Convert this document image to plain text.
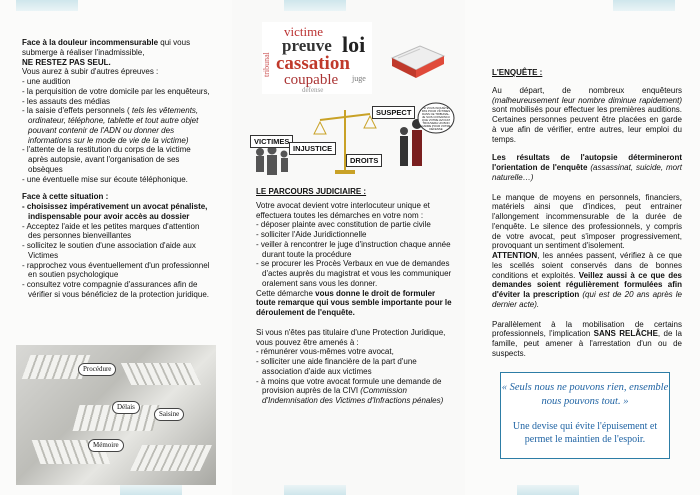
Face à la douleur incommensurable qui vous submerge à réaliser l'inadmissible,

NE RESTEZ PAS SEUL.

Vous aurez à subir d'autres épreuves :

- une audition
- la perquisition de votre domicile par les enquêteurs,
- les assauts des médias
- la saisie d'effets personnels ( tels les vêtements, ordinateur, téléphone, tablette et tout autre objet pouvant contenir de l'ADN ou donner des informations sur le mode de vie de la victime)
- l'attente de la restitution du corps de la victime après autopsie, avant l'organisation de ses obsèques
- une éventuelle mise sur écoute téléphonique.

Face à cette situation :

- choisissez impérativement un avocat pénaliste, indispensable pour avoir accès au dossier
- Acceptez l'aide et les petites marques d'attention des personnes bienveillantes
- sollicitez le soutien d'une association d'aide aux Victimes
- rapprochez vous éventuellement d'un professionnel en soutien psychologique
- consultez votre compagnie d'assurances afin de vérifier si vous bénéficiez de la protection juridique.
Procédure
Délais
Saisine
Mémoire
victime
preuve loi
cassation
coupable
tribunal
juge
défense
VICTIMES
INJUSTICE
DROITS
SUSPECT	SI VOUS INQUIÈTE PAS POUR VICTIMES DANS CE TRIBUNAL. JE SUIS CONVAINCU QUE VOTRE AVOCAT TROUVERA UN BON CADRE POUR VOTRE DÉFENSE

LE PARCOURS JUDICIAIRE :

Votre avocat devient votre interlocuteur unique et effectuera toutes les démarches en votre nom :

- déposer plainte avec constitution de partie civile
- solliciter l'Aide Juridictionnelle
- veiller à rencontrer le juge d'instruction chaque année durant toute la procédure
- se procurer les Procès Verbaux en vue de demandes d'actes auprès du magistrat et vous les communiquer oralement sans vous les donner.

Cette démarche vous donne le droit de formuler toute remarque qui vous semble importante pour le déroulement de l'enquête.

Si vous n'êtes pas titulaire d'une Protection Juridique, vous pouvez être amenés à :

- rémunérer vous-mêmes votre avocat,
- solliciter une aide financière de la part d'une association d'aide aux victimes
- à moins que votre avocat formule une demande de provision auprès de la CIVI (Commission d'Indemnisation des Victimes d'Infractions pénales)

L'ENQUÊTE :

Au départ, de nombreux enquêteurs (malheureusement leur nombre diminue rapidement) sont mobilisés pour effectuer les premières auditions. Certaines personnes peuvent être placées en garde à vue afin de vérifier, entre autres, leur emploi du temps.

Les résultats de l'autopsie détermineront l'orientation de l'enquête (assassinat, suicide, mort naturelle…)

Le manque de moyens en personnels, financiers, matériels ainsi que d'indices, peut entrainer l'allongement incommensurable de la durée de l'enquête. Le silence des professionnels, y compris de votre avocat, peut s'imposer progressivement, provoquant un sentiment d'isolement.

ATTENTION, les années passent, vérifiez à ce que les scellés soient conservés dans de bonnes conditions et exploités. Veillez aussi à ce que des demandes soient régulièrement formulées afin d'éviter la prescription (qui est de 20 ans après le dernier acte).

Parallèlement à la mobilisation de certains professionnels, l'implication SANS RELÂCHE, de la famille, peut amener à l'arrestation d'un ou de suspects.

« Seuls nous ne pouvons rien, ensemble nous pouvons tout. »

Une devise qui évite l'épuisement et permet le maintien de l'espoir.
